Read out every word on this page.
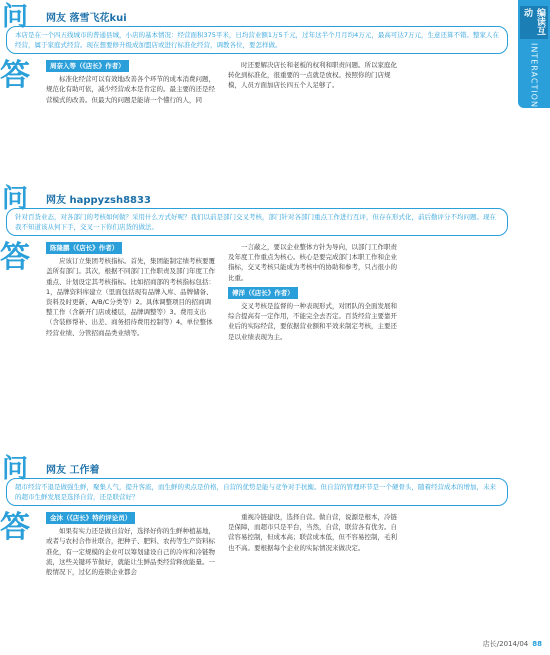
编读互动
INTERACTION
问 网友 落雪飞花kui
本店是在一个四五线城市的普通县城，小店的基本情况：经营面积375平米，日均营业额1万5千元，过年这半个月月均4万元，最高可达7万元，生意还算不错。整家人在经营，属于家庭式经营。现在想要修升级成加盟店或进行标准化经营，调教各位，要怎样做。
答	周奈入等（《店长》作者）

标准化经营可以有效地改善各个环节的成本消费问题，规范化有助可依，减少经营成本是肯定的。最主要的还是经营模式的改善。但最大的问题是能请一个懂行的人，同

时还要解决店长和老板的权利和职责问题。所以家庭化转化到标准化，很重要的一点就是放权。按照你的门店规模，人员方面加店长四五个人足够了。

问 网友 happyzsh8833
针对百货业态，对各部门的考核如何做？采用什么方式好呢？我们以前是部门交叉考核，部门针对各部门重点工作进行互评，但存在形式化，前后勤评分不均问题。现在我不知道该从何下手，交叉一下你们店货的做法。
答	陈隆鹏（《店长》作者）

应该订立集团考核指标。首先，集团能制定绩考核要覆盖所有部门。其次，根据不同部门工作职责及部门年度工作重点、计划设定其考核指标。比如招商部的考核指标包括：1，品牌资料库建立（里面包括现有品牌入库、品牌储备、资料及时更新、A/B/C分类等）2。具体调整项目的招商调整工作（含新开门店或楼层，品牌调整等）3。费用支出（含装修帮补、出差、商务招待费用控制等）4。单位整体经营业绩、分管招商品类业绩等。

一言蔽之，要以企业整体方针为导向，以部门工作职责及年度工作重点为核心。核心是要完成部门本职工作和企业指标，交叉考核只能成为考核中的协助和参考，只占很小的比重。

傅洋（《店长》作者）

交叉考核是监督的一种表现形式，对团队的全面发展和综合提高有一定作用，不能完全去否定。百货经营主要靠开业后的实际经营，要依据营业额和平效来制定考核，主要还是以业绩表现为主。

问 网友 工作着
超市经营不退是做强生鲜，聚集人气，提升客流，而生鲜的卖点是价格，自营的优势是能与竞争对手抗衡。但自营的管理环节是一个硬骨头，随着经营成本的增加，未来的超市生鲜发展是选择自营，还是联营好？
答	金沐（《店长》特约评论员）

如果有实力还是做自营好，选择好你的生鲜种植基地，或者与农村合作社联合，把种子、肥料、农药等生产资料标准化，有一定规模的企业可以筹划建设自己的冷库和冷链物流，这些关键环节做好，就能让生鲜品类经营释放能量。一般情况下，过亿的连锁企业都会

重视冷链建设，选择自营。做自营，说源是根本，冷链是保障，而超市只是平台，当然，自营，联营各有优劣。自营容易控制，但成本高；联营成本低，但不容易控制，毛利也不高。要根据每个企业的实际情况来做决定。

店长/2014/04 88
